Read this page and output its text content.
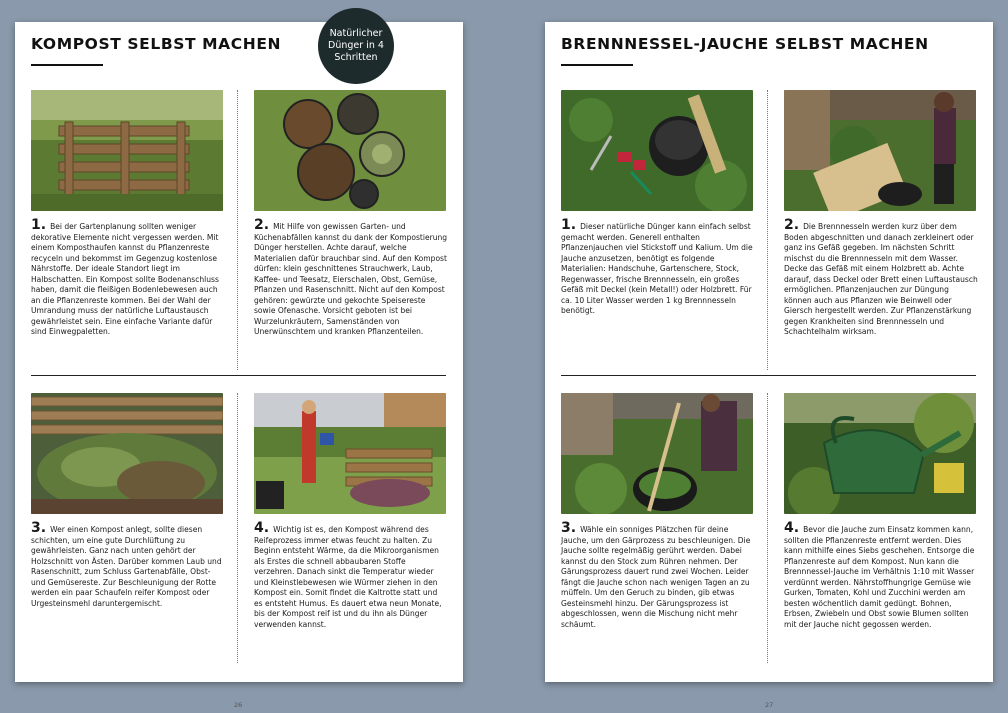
KOMPOST SELBST MACHEN
Natürlicher Dünger in 4 Schritten
1. Bei der Gartenplanung sollten weniger dekorative Elemente nicht vergessen werden. Mit einem Komposthaufen kannst du Pflanzenreste recyceln und bekommst im Gegenzug kostenlose Nährstoffe. Der ideale Standort liegt im Halbschatten. Ein Kompost sollte Bodenanschluss haben, damit die fleißigen Bodenlebewesen auch an die Pflanzenreste kommen. Bei der Wahl der Umrandung muss der natürliche Luftaustausch gewährleistet sein. Eine einfache Variante dafür sind Einwegpaletten.
2. Mit Hilfe von gewissen Garten- und Küchenabfällen kannst du dank der Kompostierung Dünger herstellen. Achte darauf, welche Materialien dafür brauchbar sind. Auf den Kompost dürfen: klein geschnittenes Strauchwerk, Laub, Kaffee- und Teesatz, Eierschalen, Obst, Gemüse, Pflanzen und Rasenschnitt. Nicht auf den Kompost gehören: gewürzte und gekochte Speisereste sowie Ofenasche. Vorsicht geboten ist bei Wurzelunkräutern, Samenständen von Unerwünschtem und kranken Pflanzenteilen.
3. Wer einen Kompost anlegt, sollte diesen schichten, um eine gute Durchlüftung zu gewährleisten. Ganz nach unten gehört der Holzschnitt von Ästen. Darüber kommen Laub und Rasenschnitt, zum Schluss Gartenabfälle, Obst- und Gemüsereste. Zur Beschleunigung der Rotte werden ein paar Schaufeln reifer Kompost oder Urgesteinsmehl daruntergemischt.
4. Wichtig ist es, den Kompost während des Reifeprozess immer etwas feucht zu halten. Zu Beginn entsteht Wärme, da die Mikroorganismen als Erstes die schnell abbaubaren Stoffe verzehren. Danach sinkt die Temperatur wieder und Kleinstlebewesen wie Würmer ziehen in den Kompost ein. Somit findet die Kaltrotte statt und es entsteht Humus. Es dauert etwa neun Monate, bis der Kompost reif ist und du ihn als Dünger verwenden kannst.
26
BRENNNESSEL-JAUCHE SELBST MACHEN
1. Dieser natürliche Dünger kann einfach selbst gemacht werden. Generell enthalten Pflanzenjauchen viel Stickstoff und Kalium. Um die Jauche anzusetzen, benötigt es folgende Materialien: Handschuhe, Gartenschere, Stock, Regenwasser, frische Brennnesseln, ein großes Gefäß mit Deckel (kein Metall!) oder Holzbrett. Für ca. 10 Liter Wasser werden 1 kg Brennnesseln benötigt.
2. Die Brennnesseln werden kurz über dem Boden abgeschnitten und danach zerkleinert oder ganz ins Gefäß gegeben. Im nächsten Schritt mischst du die Brennnesseln mit dem Wasser. Decke das Gefäß mit einem Holzbrett ab. Achte darauf, dass Deckel oder Brett einen Luftaustausch ermöglichen. Pflanzenjauchen zur Düngung können auch aus Pflanzen wie Beinwell oder Giersch hergestellt werden. Zur Pflanzenstärkung gegen Krankheiten sind Brennnesseln und Schachtelhalm wirksam.
3. Wähle ein sonniges Plätzchen für deine Jauche, um den Gärprozess zu beschleunigen. Die Jauche sollte regelmäßig gerührt werden. Dabei kannst du den Stock zum Rühren nehmen. Der Gärungsprozess dauert rund zwei Wochen. Leider fängt die Jauche schon nach wenigen Tagen an zu müffeln. Um den Geruch zu binden, gib etwas Gesteinsmehl hinzu. Der Gärungsprozess ist abgeschlossen, wenn die Mischung nicht mehr schäumt.
4. Bevor die Jauche zum Einsatz kommen kann, sollten die Pflanzenreste entfernt werden. Dies kann mithilfe eines Siebs geschehen. Entsorge die Pflanzenreste auf dem Kompost. Nun kann die Brennnessel-Jauche im Verhältnis 1:10 mit Wasser verdünnt werden. Nährstoffhungrige Gemüse wie Gurken, Tomaten, Kohl und Zucchini werden am besten wöchentlich damit gedüngt. Bohnen, Erbsen, Zwiebeln und Obst sowie Blumen sollten mit der Jauche nicht gegossen werden.
27
